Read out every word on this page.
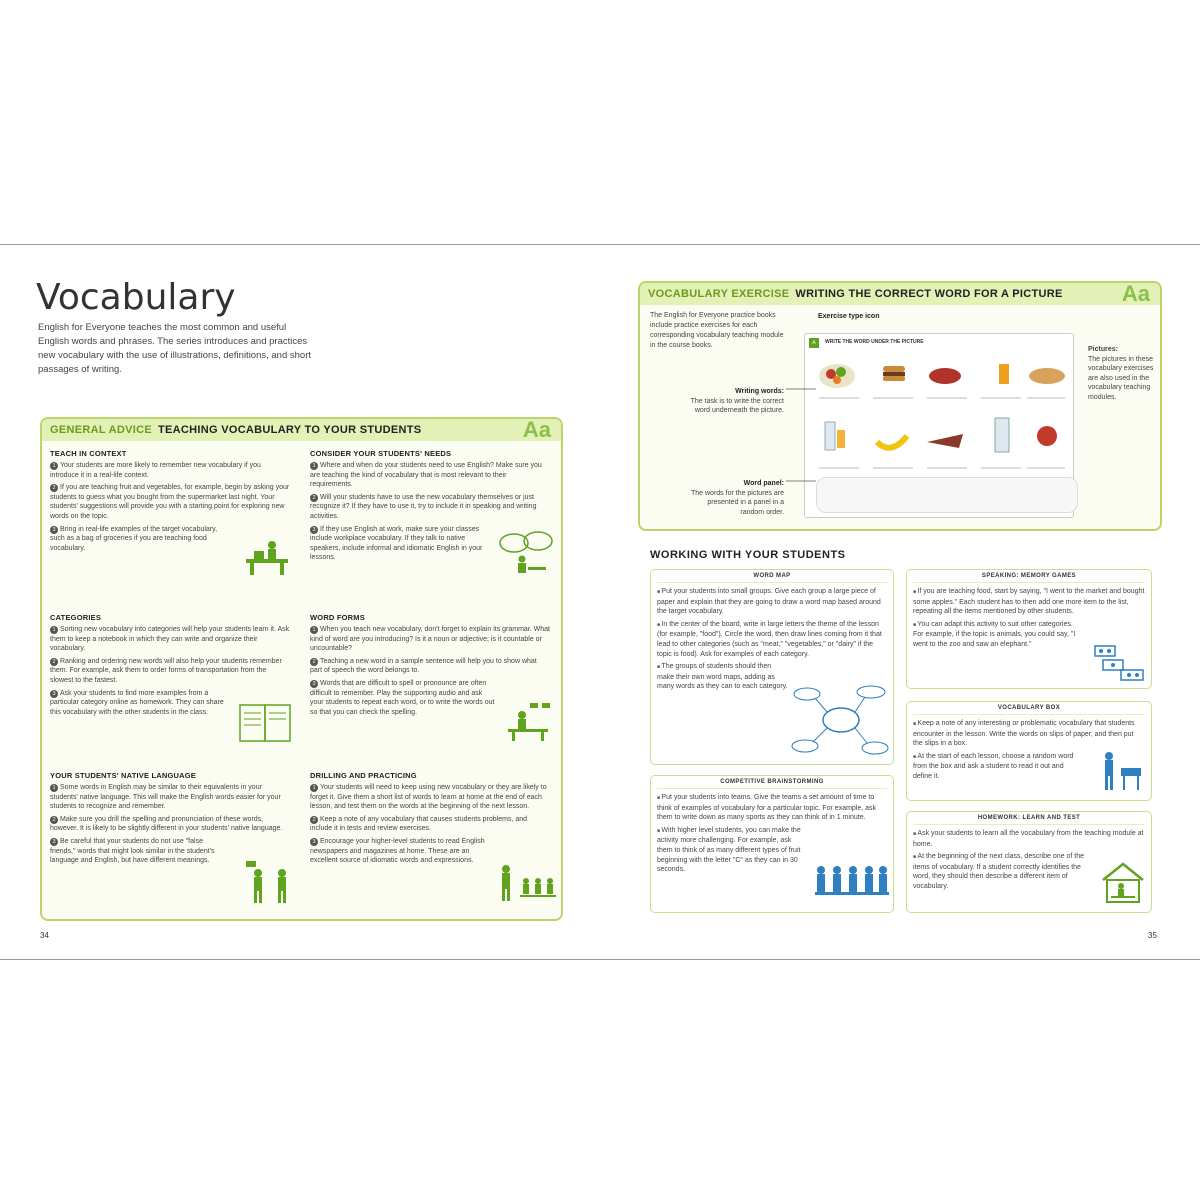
Vocabulary

English for Everyone teaches the most common and useful English words and phrases. The series introduces and practices new vocabulary with the use of illustrations, definitions, and short passages of writing.

GENERAL ADVICE TEACHING VOCABULARY TO YOUR STUDENTS	Aa
TEACH IN CONTEXT
1 Your students are more likely to remember new vocabulary if you introduce it in a real-life context.
2 If you are teaching fruit and vegetables, for example, begin by asking your students to guess what you bought from the supermarket last night. Your students' suggestions will provide you with a starting point for exploring new words on the topic.
3 Bring in real-life examples of the target vocabulary, such as a bag of groceries if you are teaching food vocabulary.
CONSIDER YOUR STUDENTS' NEEDS
1 Where and when do your students need to use English? Make sure you are teaching the kind of vocabulary that is most relevant to their requirements.
2 Will your students have to use the new vocabulary themselves or just recognize it? If they have to use it, try to include it in speaking and writing activities.
3 If they use English at work, make sure your classes include workplace vocabulary. If they talk to native speakers, include informal and idiomatic English in your lessons.
CATEGORIES
1 Sorting new vocabulary into categories will help your students learn it. Ask them to keep a notebook in which they can write and organize their vocabulary.
2 Ranking and ordering new words will also help your students remember them. For example, ask them to order forms of transportation from the slowest to the fastest.
3 Ask your students to find more examples from a particular category online as homework. They can share this vocabulary with the other students in the class.
WORD FORMS
1 When you teach new vocabulary, don't forget to explain its grammar. What kind of word are you introducing? Is it a noun or adjective; is it countable or uncountable?
2 Teaching a new word in a sample sentence will help you to show what part of speech the word belongs to.
3 Words that are difficult to spell or pronounce are often difficult to remember. Play the supporting audio and ask your students to repeat each word, or to write the words out so that you can check the spelling.
YOUR STUDENTS' NATIVE LANGUAGE
1 Some words in English may be similar to their equivalents in your students' native language. This will make the English words easier for your students to recognize and remember.
2 Make sure you drill the spelling and pronunciation of these words, however. It is likely to be slightly different in your students' native language.
3 Be careful that your students do not use "false friends," words that might look similar in the student's language and English, but have different meanings.
DRILLING AND PRACTICING
1 Your students will need to keep using new vocabulary or they are likely to forget it. Give them a short list of words to learn at home at the end of each lesson, and test them on the words at the beginning of the next lesson.
2 Keep a note of any vocabulary that causes students problems, and include it in tests and review exercises.
3 Encourage your higher-level students to read English newspapers and magazines at home. These are an excellent source of idiomatic words and expressions.
34
VOCABULARY EXERCISE WRITING THE CORRECT WORD FOR A PICTURE	Aa

The English for Everyone practice books include practice exercises for each corresponding vocabulary teaching module in the course books.

Exercise type icon
Writing words:
The task is to write the correct word underneath the picture.
Word panel:
The words for the pictures are presented in a panel in a random order.
Pictures:
The pictures in these vocabulary exercises are also used in the vocabulary teaching modules.
A	WRITE THE WORD UNDER THE PICTURE
WORKING WITH YOUR STUDENTS
WORD MAP
■ Put your students into small groups. Give each group a large piece of paper and explain that they are going to draw a word map based around the target vocabulary.
■ In the center of the board, write in large letters the theme of the lesson (for example, "food"). Circle the word, then draw lines coming from it that lead to other categories (such as "meat," "vegetables," or "dairy" if the topic is food). Ask for examples of each category.
■ The groups of students should then make their own word maps, adding as many words as they can to each category.
SPEAKING: MEMORY GAMES
■ If you are teaching food, start by saying, "I went to the market and bought some apples." Each student has to then add one more item to the list, repeating all the items mentioned by other students.
■ You can adapt this activity to suit other categories. For example, if the topic is animals, you could say, "I went to the zoo and saw an elephant."
VOCABULARY BOX
■ Keep a note of any interesting or problematic vocabulary that students encounter in the lesson. Write the words on slips of paper, and then put the slips in a box.
■ At the start of each lesson, choose a random word from the box and ask a student to read it out and define it.
COMPETITIVE BRAINSTORMING
■ Put your students into teams. Give the teams a set amount of time to think of examples of vocabulary for a particular topic. For example, ask them to write down as many sports as they can think of in 1 minute.
■ With higher level students, you can make the activity more challenging. For example, ask them to think of as many different types of fruit beginning with the letter "C" as they can in 30 seconds.
HOMEWORK: LEARN AND TEST
■ Ask your students to learn all the vocabulary from the teaching module at home.
■ At the beginning of the next class, describe one of the items of vocabulary. If a student correctly identifies the word, they should then describe a different item of vocabulary.
35
